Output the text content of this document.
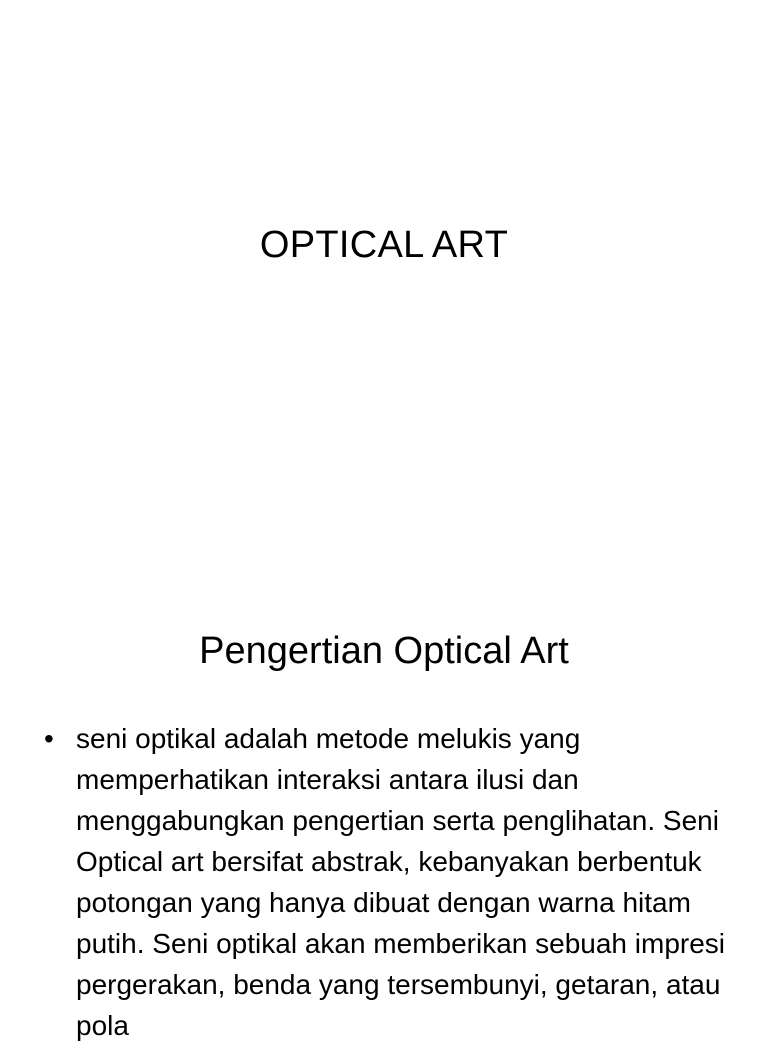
OPTICAL ART
Pengertian Optical Art
• seni optikal adalah metode melukis yang memperhatikan interaksi antara ilusi dan menggabungkan pengertian serta penglihatan. Seni Optical art bersifat abstrak, kebanyakan berbentuk potongan yang hanya dibuat dengan warna hitam putih. Seni optikal akan memberikan sebuah impresi pergerakan, benda yang tersembunyi, getaran, atau pola
